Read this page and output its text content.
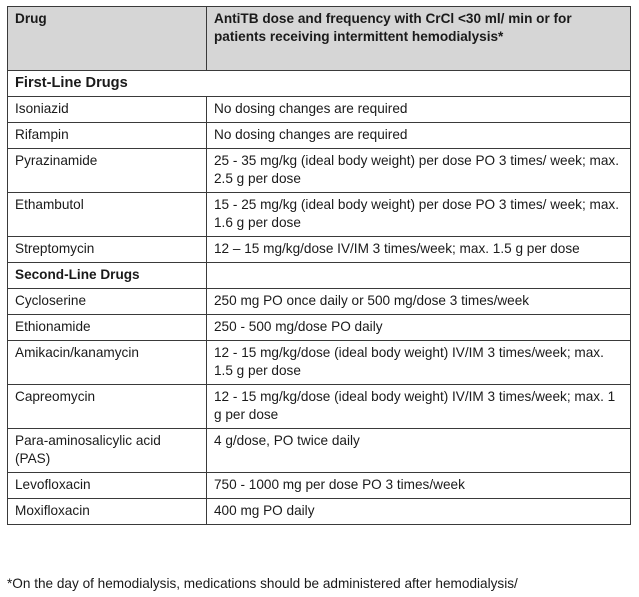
Drug	AntiTB dose and frequency with CrCl <30 ml/ min or for patients receiving intermittent hemodialysis*
First-Line Drugs	
Isoniazid	No dosing changes are required
Rifampin	No dosing changes are required
Pyrazinamide	25 - 35 mg/kg (ideal body weight) per dose PO 3 times/ week; max. 2.5 g per dose
Ethambutol	15 - 25 mg/kg (ideal body weight) per dose PO 3 times/ week; max. 1.6 g per dose
Streptomycin	12 – 15 mg/kg/dose IV/IM 3 times/week; max. 1.5 g per dose
Second-Line Drugs	
Cycloserine	250 mg PO once daily or 500 mg/dose 3 times/week
Ethionamide	250 - 500 mg/dose PO daily
Amikacin/kanamycin	12 - 15 mg/kg/dose (ideal body weight) IV/IM 3 times/week; max. 1.5 g per dose
Capreomycin	12 - 15 mg/kg/dose (ideal body weight) IV/IM 3 times/week; max. 1 g per dose
Para-aminosalicylic acid (PAS)	4 g/dose, PO twice daily
Levofloxacin	750 - 1000 mg per dose PO 3 times/week
Moxifloxacin	400 mg PO daily
*On the day of hemodialysis, medications should be administered after hemodialysis/
